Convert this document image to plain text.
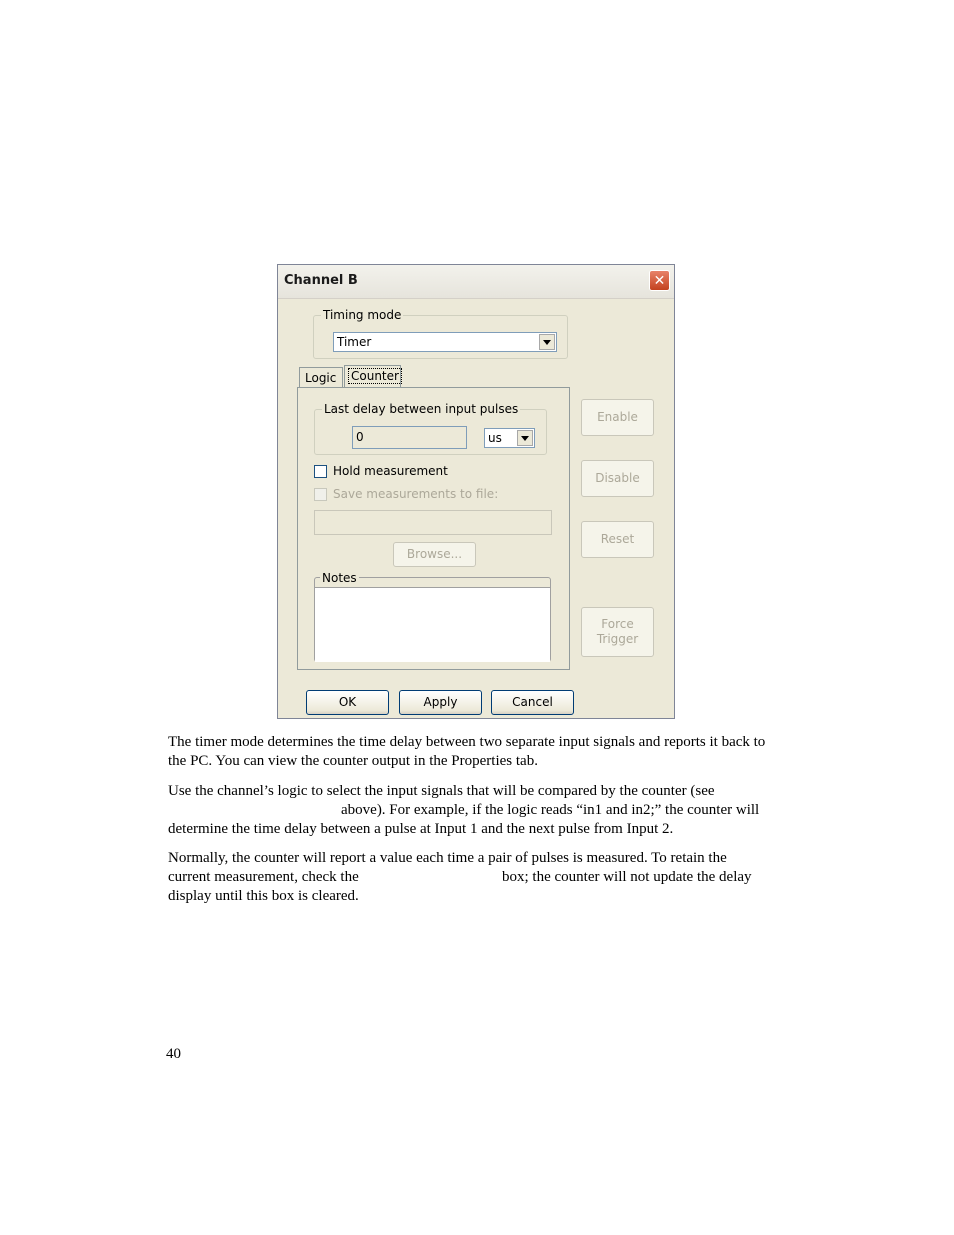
Channel B	✕
Timing mode
Timer
Logic Counter
Last delay between input pulses
0	us
Hold measurement
Save measurements to file:
Browse...
Notes
Enable
Disable
Reset
Force Trigger
OK	Apply	Cancel
The timer mode determines the time delay between two separate input signals and reports it back to the PC. You can view the counter output in the Properties tab.
Use the channel’s logic to select the input signals that will be compared by the counter (see
above). For example, if the logic reads “in1 and in2;” the counter will
determine the time delay between a pulse at Input 1 and the next pulse from Input 2.
Normally, the counter will report a value each time a pair of pulses is measured. To retain the
current measurement, check the	box; the counter will not update the delay
display until this box is cleared.
40
